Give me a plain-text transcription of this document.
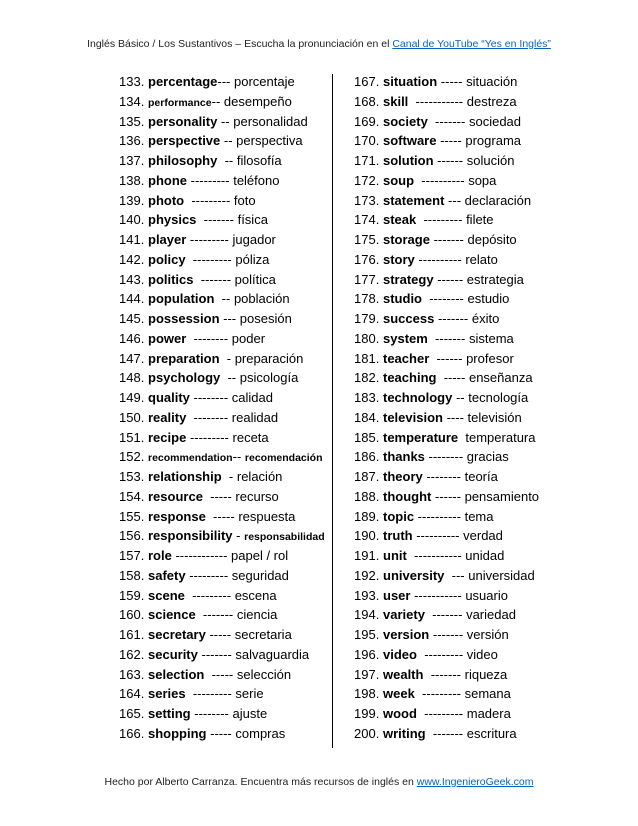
Inglés Básico / Los Sustantivos – Escucha la pronunciación en el Canal de YouTube “Yes en Inglés”
133. percentage ---
porcentaje
134. performance --
desempeño
135. personality --
personalidad
136. perspective --
perspectiva
137. philosophy --
filosofía
138. phone ---------
teléfono
139. photo ---------
foto
140. physics -------
física
141. player ---------
jugador
142. policy ---------
póliza
143. politics -------
política
144. population --
población
145. possession ---
posesión
146. power --------
poder
147. preparation -
preparación
148. psychology --
psicología
149. quality --------
calidad
150. reality --------
realidad
151. recipe ---------
receta
152. recommendation --
recomendación
153. relationship -
relación
154. resource -----
recurso
155. response -----
respuesta
156. responsibility -
responsabilidad
157. role ------------
papel / rol
158. safety ---------
seguridad
159. scene ---------
escena
160. science -------
ciencia
161. secretary -----
secretaria
162. security -------
salvaguardia
163. selection -----
selección
164. series ---------
serie
165. setting --------
ajuste
166. shopping -----
compras
167. situation -----
situación
168. skill -----------
destreza
169. society -------
sociedad
170. software -----
programa
171. solution ------
solución
172. soup ----------
sopa
173. statement ---
declaración
174. steak ---------
filete
175. storage -------
depósito
176. story ----------
relato
177. strategy ------
estrategia
178. studio --------
estudio
179. success -------
éxito
180. system -------
sistema
181. teacher ------
profesor
182. teaching -----
enseñanza
183. technology --
tecnología
184. television ----
televisión
185. temperature

temperatura
186. thanks --------
gracias
187. theory --------
teoría
188. thought ------
pensamiento
189. topic ----------
tema
190. truth ----------
verdad
191. unit -----------
unidad
192. university ---
universidad
193. user -----------
usuario
194. variety -------
variedad
195. version -------
versión
196. video ---------
video
197. wealth -------
riqueza
198. week ---------
semana
199. wood ---------
madera
200. writing -------
escritura
Hecho por Alberto Carranza. Encuentra más recursos de inglés en www.IngenieroGeek.com
